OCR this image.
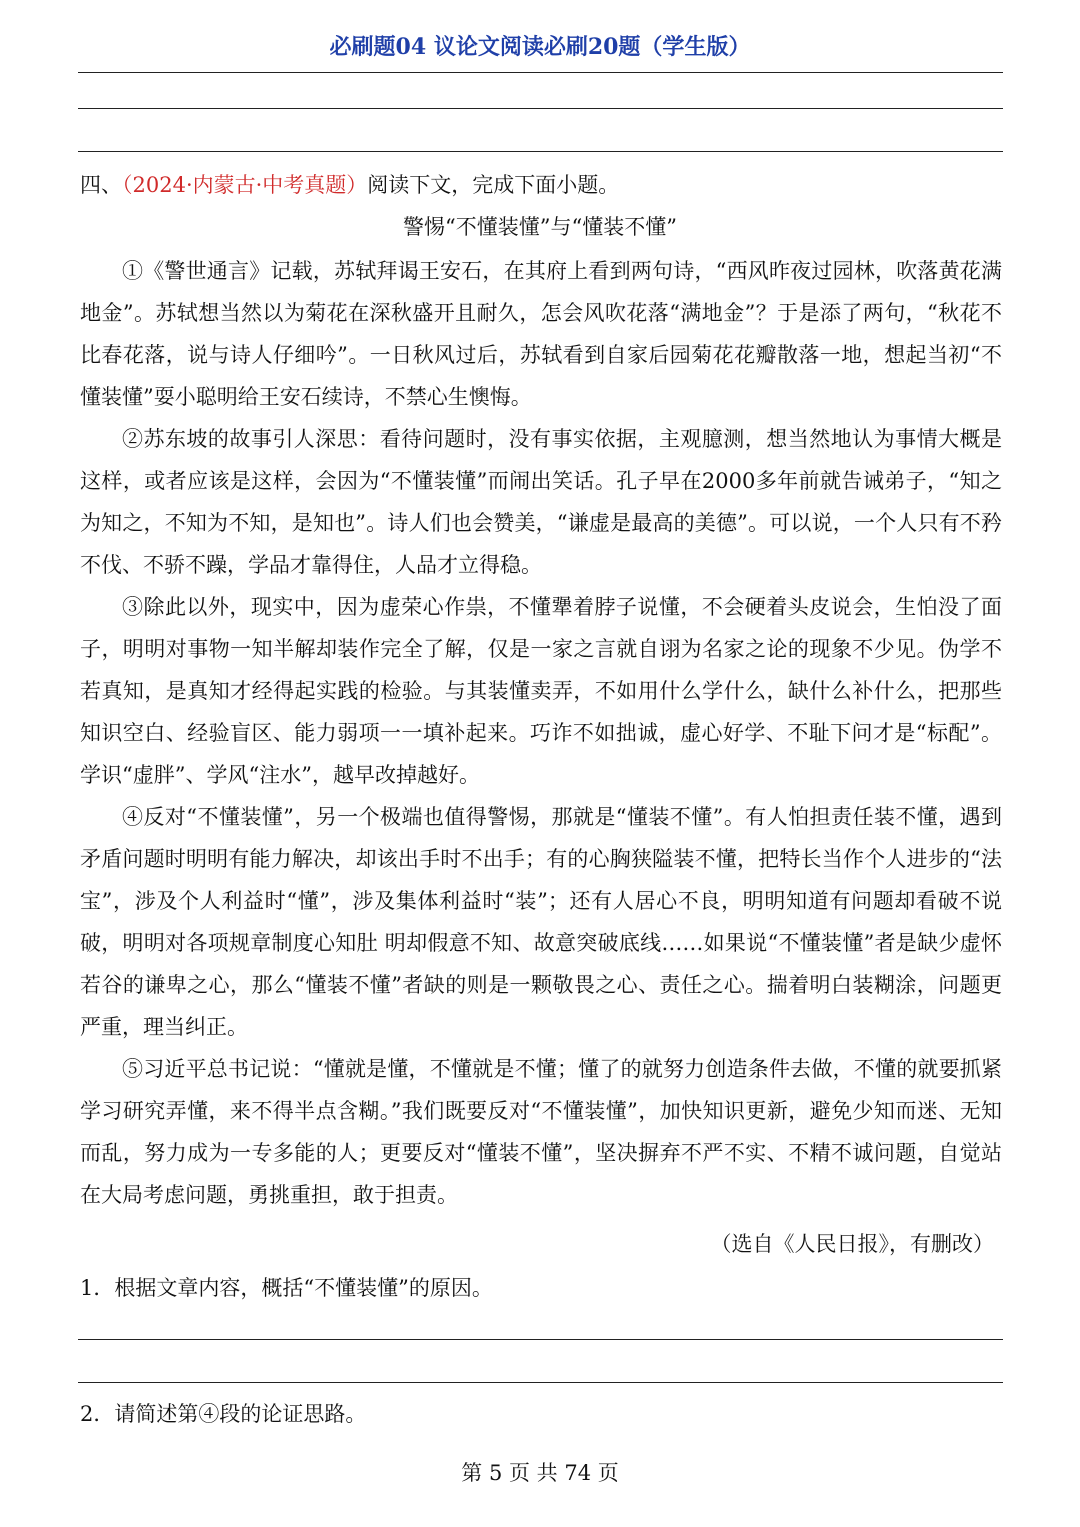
必刷题04 议论文阅读必刷20题（学生版）
四、（2024·内蒙古·中考真题）阅读下文，完成下面小题。
警惕“不懂装懂”与“懂装不懂”

①《警世通言》记载，苏轼拜谒王安石，在其府上看到两句诗，“西风昨夜过园林，吹落黄花满地金”。苏轼想当然以为菊花在深秋盛开且耐久，怎会风吹花落“满地金”？于是添了两句，“秋花不比春花落，说与诗人仔细吟”。一日秋风过后，苏轼看到自家后园菊花花瓣散落一地，想起当初“不懂装懂”耍小聪明给王安石续诗，不禁心生懊悔。

②苏东坡的故事引人深思：看待问题时，没有事实依据，主观臆测，想当然地认为事情大概是这样，或者应该是这样，会因为“不懂装懂”而闹出笑话。孔子早在2000多年前就告诫弟子，“知之为知之，不知为不知，是知也”。诗人们也会赞美，“谦虚是最高的美德”。可以说，一个人只有不矜不伐、不骄不躁，学品才靠得住，人品才立得稳。

③除此以外，现实中，因为虚荣心作祟，不懂犟着脖子说懂，不会硬着头皮说会，生怕没了面子，明明对事物一知半解却装作完全了解，仅是一家之言就自诩为名家之论的现象不少见。伪学不若真知，是真知才经得起实践的检验。与其装懂卖弄，不如用什么学什么，缺什么补什么，把那些知识空白、经验盲区、能力弱项一一填补起来。巧诈不如拙诚，虚心好学、不耻下问才是“标配”。学识“虚胖”、学风“注水”，越早改掉越好。

④反对“不懂装懂”，另一个极端也值得警惕，那就是“懂装不懂”。有人怕担责任装不懂，遇到矛盾问题时明明有能力解决，却该出手时不出手；有的心胸狭隘装不懂，把特长当作个人进步的“法宝”，涉及个人利益时“懂”，涉及集体利益时“装”；还有人居心不良，明明知道有问题却看破不说破，明明对各项规章制度心知肚 明却假意不知、故意突破底线……如果说“不懂装懂”者是缺少虚怀若谷的谦卑之心，那么“懂装不懂”者缺的则是一颗敬畏之心、责任之心。揣着明白装糊涂，问题更严重，理当纠正。

⑤习近平总书记说：“懂就是懂，不懂就是不懂；懂了的就努力创造条件去做，不懂的就要抓紧学习研究弄懂，来不得半点含糊。”我们既要反对“不懂装懂”，加快知识更新，避免少知而迷、无知而乱，努力成为一专多能的人；更要反对“懂装不懂”，坚决摒弃不严不实、不精不诚问题，自觉站在大局考虑问题，勇挑重担，敢于担责。

（选自《人民日报》，有删改）
1．根据文章内容，概括“不懂装懂”的原因。
2．请简述第④段的论证思路。
第 5 页 共 74 页
